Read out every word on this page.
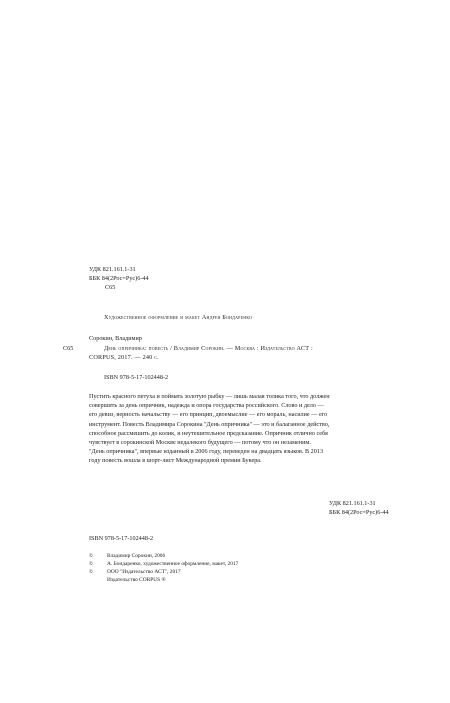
УДК 821.161.1-31
ББК 84(2Рос=Рус)6-44
С65
Художественное оформление и макет Андрея Бондаренко
Сорокин, Владимир
С65	День опричника: повесть / Владимир Сорокин. — Москва : Издательство АСТ :
CORPUS, 2017. — 240 с.
ISBN 978-5-17-102448-2
Пустить красного петуха и поймать золотую рыбку — лишь малая толика того, что должен
совершить за день опричник, надежда и опора государства российского. Слово и дело —
его девиз, верность начальству — его принцип, двоемыслие — его мораль, насилие — его
инструмент. Повесть Владимира Сорокина "День опричника" — это и балаганное действо,
способное рассмешить до колик, и неутешительное предсказание. Опричник отлично себя
чувствует в сорокинской Москве недалекого будущего — потому что он незаменим.
"День опричника", впервые изданный в 2006 году, переведен на двадцать языков. В 2013
году повесть вошла в шорт-лист Международной премии Букера.
УДК 821.161.1-31
ББК 84(2Рос=Рус)6-44
ISBN 978-5-17-102448-2
©	Владимир Сорокин, 2006
©	А. Бондаренко, художественное оформление, макет, 2017
©	ООО "Издательство АСТ", 2017
Издательство CORPUS ®
